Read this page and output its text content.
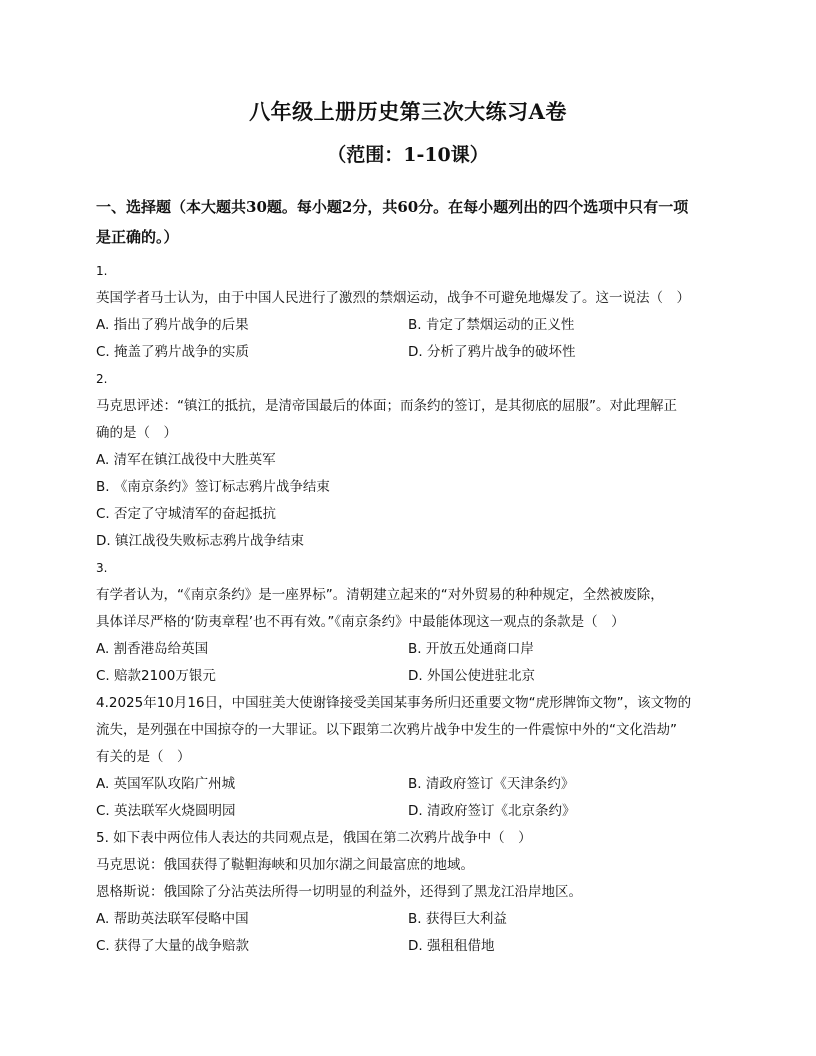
八年级上册历史第三次大练习A卷
（范围：1-10课）
一、选择题（本大题共30题。每小题2分，共60分。在每小题列出的四个选项中只有一项
是正确的。）
1.
英国学者马士认为，由于中国人民进行了激烈的禁烟运动，战争不可避免地爆发了。这一说法（　）
A. 指出了鸦片战争的后果	B. 肯定了禁烟运动的正义性
C. 掩盖了鸦片战争的实质	D. 分析了鸦片战争的破坏性
2.
马克思评述：“镇江的抵抗，是清帝国最后的体面；而条约的签订，是其彻底的屈服”。对此理解正
确的是（　）
A. 清军在镇江战役中大胜英军
B. 《南京条约》签订标志鸦片战争结束
C. 否定了守城清军的奋起抵抗
D. 镇江战役失败标志鸦片战争结束
3.
有学者认为，“《南京条约》是一座界标”。清朝建立起来的“对外贸易的种种规定，全然被废除，
具体详尽严格的‘防夷章程’也不再有效。”《南京条约》中最能体现这一观点的条款是（　）
A. 割香港岛给英国	B. 开放五处通商口岸
C. 赔款2100万银元	D. 外国公使进驻北京
4.2025年10月16日，中国驻美大使谢锋接受美国某事务所归还重要文物“虎形牌饰文物”，该文物的
流失，是列强在中国掠夺的一大罪证。以下跟第二次鸦片战争中发生的一件震惊中外的“文化浩劫”
有关的是（　）
A. 英国军队攻陷广州城	B. 清政府签订《天津条约》
C. 英法联军火烧圆明园	D. 清政府签订《北京条约》
5. 如下表中两位伟人表达的共同观点是，俄国在第二次鸦片战争中（　）
马克思说：俄国获得了鞑靼海峡和贝加尔湖之间最富庶的地域。
恩格斯说：俄国除了分沾英法所得一切明显的利益外，还得到了黑龙江沿岸地区。
A. 帮助英法联军侵略中国	B. 获得巨大利益
C. 获得了大量的战争赔款	D. 强租租借地
